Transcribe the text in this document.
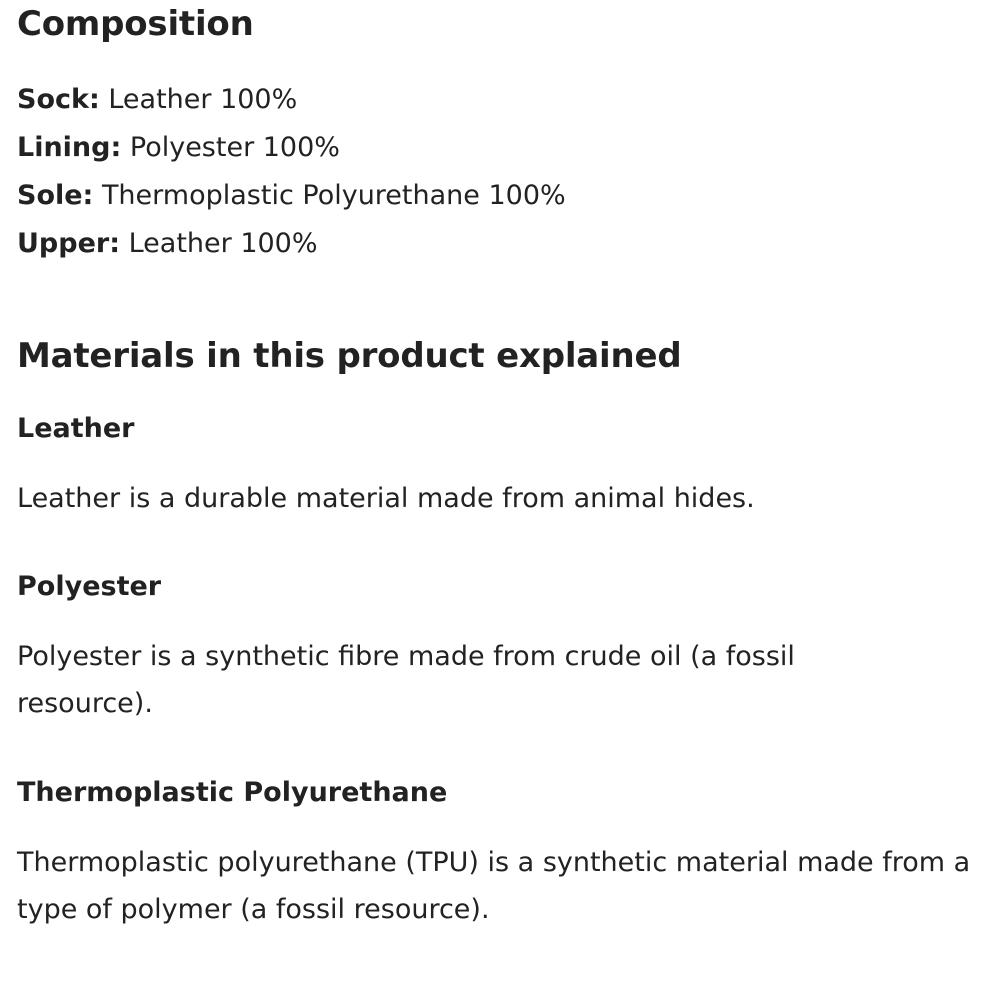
Composition
Sock: Leather 100%
Lining: Polyester 100%
Sole: Thermoplastic Polyurethane 100%
Upper: Leather 100%
Materials in this product explained
Leather

Leather is a durable material made from animal hides.

Polyester

Polyester is a synthetic fibre made from crude oil (a fossil resource).

Thermoplastic Polyurethane

Thermoplastic polyurethane (TPU) is a synthetic material made from a type of polymer (a fossil resource).
